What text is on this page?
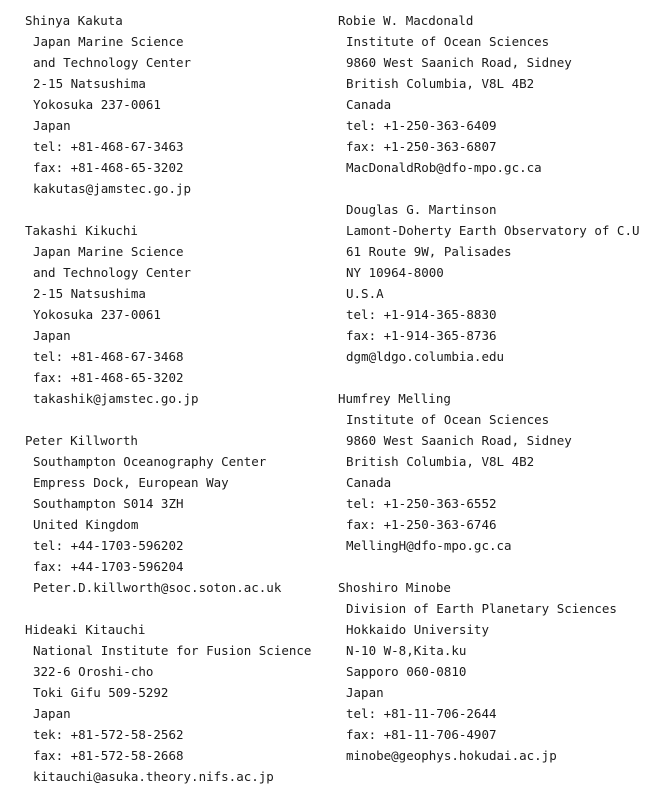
Shinya Kakuta
Japan Marine Science
and Technology Center
2-15 Natsushima
Yokosuka 237-0061
Japan
tel: +81-468-67-3463
fax: +81-468-65-3202
kakutas@jamstec.go.jp
Takashi Kikuchi
Japan Marine Science
and Technology Center
2-15 Natsushima
Yokosuka 237-0061
Japan
tel: +81-468-67-3468
fax: +81-468-65-3202
takashik@jamstec.go.jp
Peter Killworth
Southampton Oceanography Center
Empress Dock, European Way
Southampton S014 3ZH
United Kingdom
tel: +44-1703-596202
fax: +44-1703-596204
Peter.D.killworth@soc.soton.ac.uk
Hideaki Kitauchi
National Institute for Fusion Science
322-6 Oroshi-cho
Toki Gifu 509-5292
Japan
tek: +81-572-58-2562
fax: +81-572-58-2668
kitauchi@asuka.theory.nifs.ac.jp
Robie W. Macdonald
Institute of Ocean Sciences
9860 West Saanich Road, Sidney
British Columbia, V8L 4B2
Canada
tel: +1-250-363-6409
fax: +1-250-363-6807
MacDonaldRob@dfo-mpo.gc.ca
Douglas G. Martinson
Lamont-Doherty Earth Observatory of C.U
61 Route 9W, Palisades
NY 10964-8000
U.S.A
tel: +1-914-365-8830
fax: +1-914-365-8736
dgm@ldgo.columbia.edu
Humfrey Melling
Institute of Ocean Sciences
9860 West Saanich Road, Sidney
British Columbia, V8L 4B2
Canada
tel: +1-250-363-6552
fax: +1-250-363-6746
MellingH@dfo-mpo.gc.ca
Shoshiro Minobe
Division of Earth Planetary Sciences
Hokkaido University
N-10 W-8,Kita.ku
Sapporo 060-0810
Japan
tel: +81-11-706-2644
fax: +81-11-706-4907
minobe@geophys.hokudai.ac.jp
